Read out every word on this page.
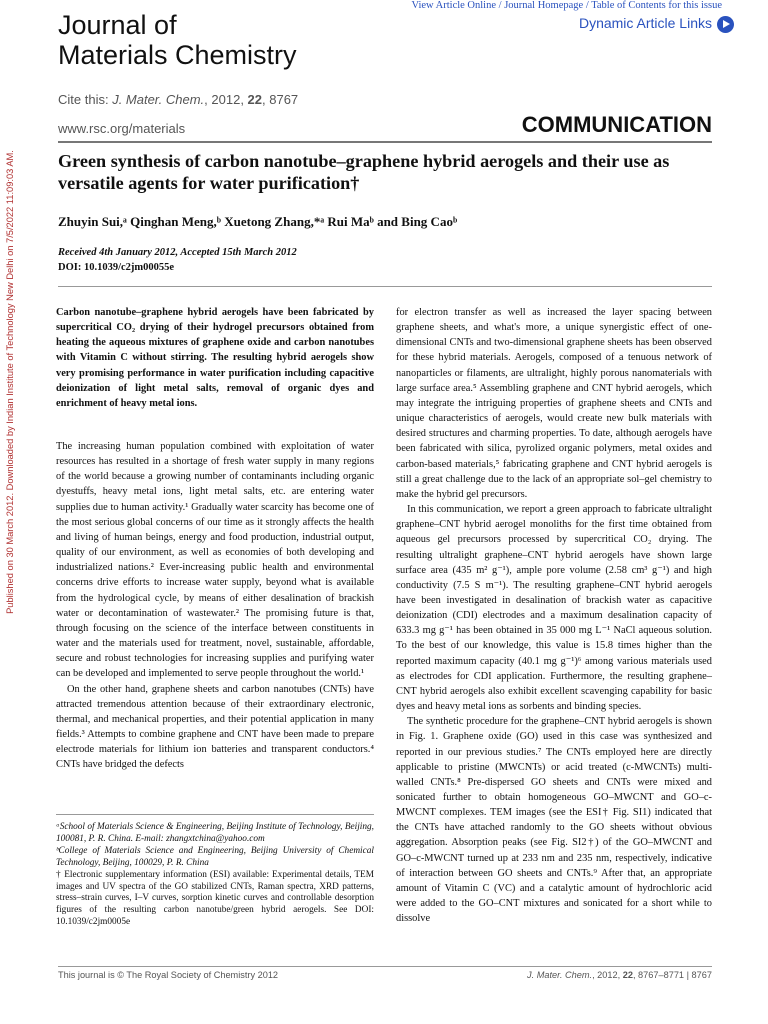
Journal of
Materials Chemistry
View Article Online / Journal Homepage / Table of Contents for this issue
Dynamic Article Links
Cite this: J. Mater. Chem., 2012, 22, 8767
www.rsc.org/materials	COMMUNICATION
Published on 30 March 2012. Downloaded by Indian Institute of Technology New Delhi on 7/5/2022 11:09:03 AM. Green synthesis of carbon nanotube–graphene hybrid aerogels and their use as versatile agents for water purification†
Zhuyin Sui,ᵃ Qinghan Meng,ᵇ Xuetong Zhang,*ᵃ Rui Maᵇ and Bing Caoᵇ
Received 4th January 2012, Accepted 15th March 2012
DOI: 10.1039/c2jm00055e

Carbon nanotube–graphene hybrid aerogels have been fabricated by supercritical CO₂ drying of their hydrogel precursors obtained from heating the aqueous mixtures of graphene oxide and carbon nanotubes with Vitamin C without stirring. The resulting hybrid aerogels show very promising performance in water purification including capacitive deionization of light metal salts, removal of organic dyes and enrichment of heavy metal ions.

The increasing human population combined with exploitation of water resources has resulted in a shortage of fresh water supply in many regions of the world because a growing number of contaminants including organic dyestuffs, heavy metal ions, light metal salts, etc. are entering water supplies due to human activity.¹ Gradually water scarcity has become one of the most serious global concerns of our time as it strongly affects the health and living of human beings, energy and food production, industrial output, quality of our environment, as well as economies of both developing and industrialized nations.² Ever-increasing public health and environmental concerns drive efforts to increase water supply, beyond what is available from the hydrological cycle, by means of either desalination of brackish water or decontamination of wastewater.² The promising future is that, through focusing on the science of the interface between constituents in water and the materials used for treatment, novel, sustainable, affordable, secure and robust technologies for increasing supplies and purifying water can be developed and implemented to serve people throughout the world.¹

On the other hand, graphene sheets and carbon nanotubes (CNTs) have attracted tremendous attention because of their extraordinary electronic, thermal, and mechanical properties, and their potential application in many fields.³ Attempts to combine graphene and CNT have been made to prepare electrode materials for lithium ion batteries and transparent conductors.⁴ CNTs have bridged the defects

for electron transfer as well as increased the layer spacing between graphene sheets, and what's more, a unique synergistic effect of one-dimensional CNTs and two-dimensional graphene sheets has been observed for these hybrid materials. Aerogels, composed of a tenuous network of nanoparticles or filaments, are ultralight, highly porous nanomaterials with large surface area.⁵ Assembling graphene and CNT hybrid aerogels, which may integrate the intriguing properties of graphene sheets and CNTs and unique characteristics of aerogels, would create new bulk materials with desired structures and charming properties. To date, although aerogels have been fabricated with silica, pyrolized organic polymers, metal oxides and carbon-based materials,⁵ fabricating graphene and CNT hybrid aerogels is still a great challenge due to the lack of an appropriate sol–gel chemistry to make the hybrid gel precursors.

In this communication, we report a green approach to fabricate ultralight graphene–CNT hybrid aerogel monoliths for the first time obtained from aqueous gel precursors processed by supercritical CO₂ drying. The resulting ultralight graphene–CNT hybrid aerogels have shown large surface area (435 m² g⁻¹), ample pore volume (2.58 cm³ g⁻¹) and high conductivity (7.5 S m⁻¹). The resulting graphene–CNT hybrid aerogels have been investigated in desalination of brackish water as capacitive deionization (CDI) electrodes and a maximum desalination capacity of 633.3 mg g⁻¹ has been obtained in 35 000 mg L⁻¹ NaCl aqueous solution. To the best of our knowledge, this value is 15.8 times higher than the reported maximum capacity (40.1 mg g⁻¹)⁶ among various materials used as electrodes for CDI application. Furthermore, the resulting graphene–CNT hybrid aerogels also exhibit excellent scavenging capability for basic dyes and heavy metal ions as sorbents and binding species.

The synthetic procedure for the graphene–CNT hybrid aerogels is shown in Fig. 1. Graphene oxide (GO) used in this case was synthesized and reported in our previous studies.⁷ The CNTs employed here are directly applicable to pristine (MWCNTs) or acid treated (c-MWCNTs) multi-walled CNTs.⁸ Pre-dispersed GO sheets and CNTs were mixed and sonicated further to obtain homogeneous GO–MWCNT and GO–c-MWCNT complexes. TEM images (see the ESI† Fig. SI1) indicated that the CNTs have attached randomly to the GO sheets without obvious aggregation. Absorption peaks (see Fig. SI2†) of the GO–MWCNT and GO–c-MWCNT turned up at 233 nm and 235 nm, respectively, indicative of interaction between GO sheets and CNTs.⁹ After that, an appropriate amount of Vitamin C (VC) and a catalytic amount of hydrochloric acid were added to the GO–CNT mixtures and sonicated for a short while to dissolve

ᵃSchool of Materials Science & Engineering, Beijing Institute of Technology, Beijing, 100081, P. R. China. E-mail: zhangxtchina@yahoo.com

ᵇCollege of Materials Science and Engineering, Beijing University of Chemical Technology, Beijing, 100029, P. R. China

† Electronic supplementary information (ESI) available: Experimental details, TEM images and UV spectra of the GO stabilized CNTs, Raman spectra, XRD patterns, stress–strain curves, I–V curves, sorption kinetic curves and controllable desorption figures of the resulting carbon nanotube/green hybrid aerogels. See DOI: 10.1039/c2jm0005e

This journal is © The Royal Society of Chemistry 2012	J. Mater. Chem., 2012, 22, 8767–8771 | 8767
